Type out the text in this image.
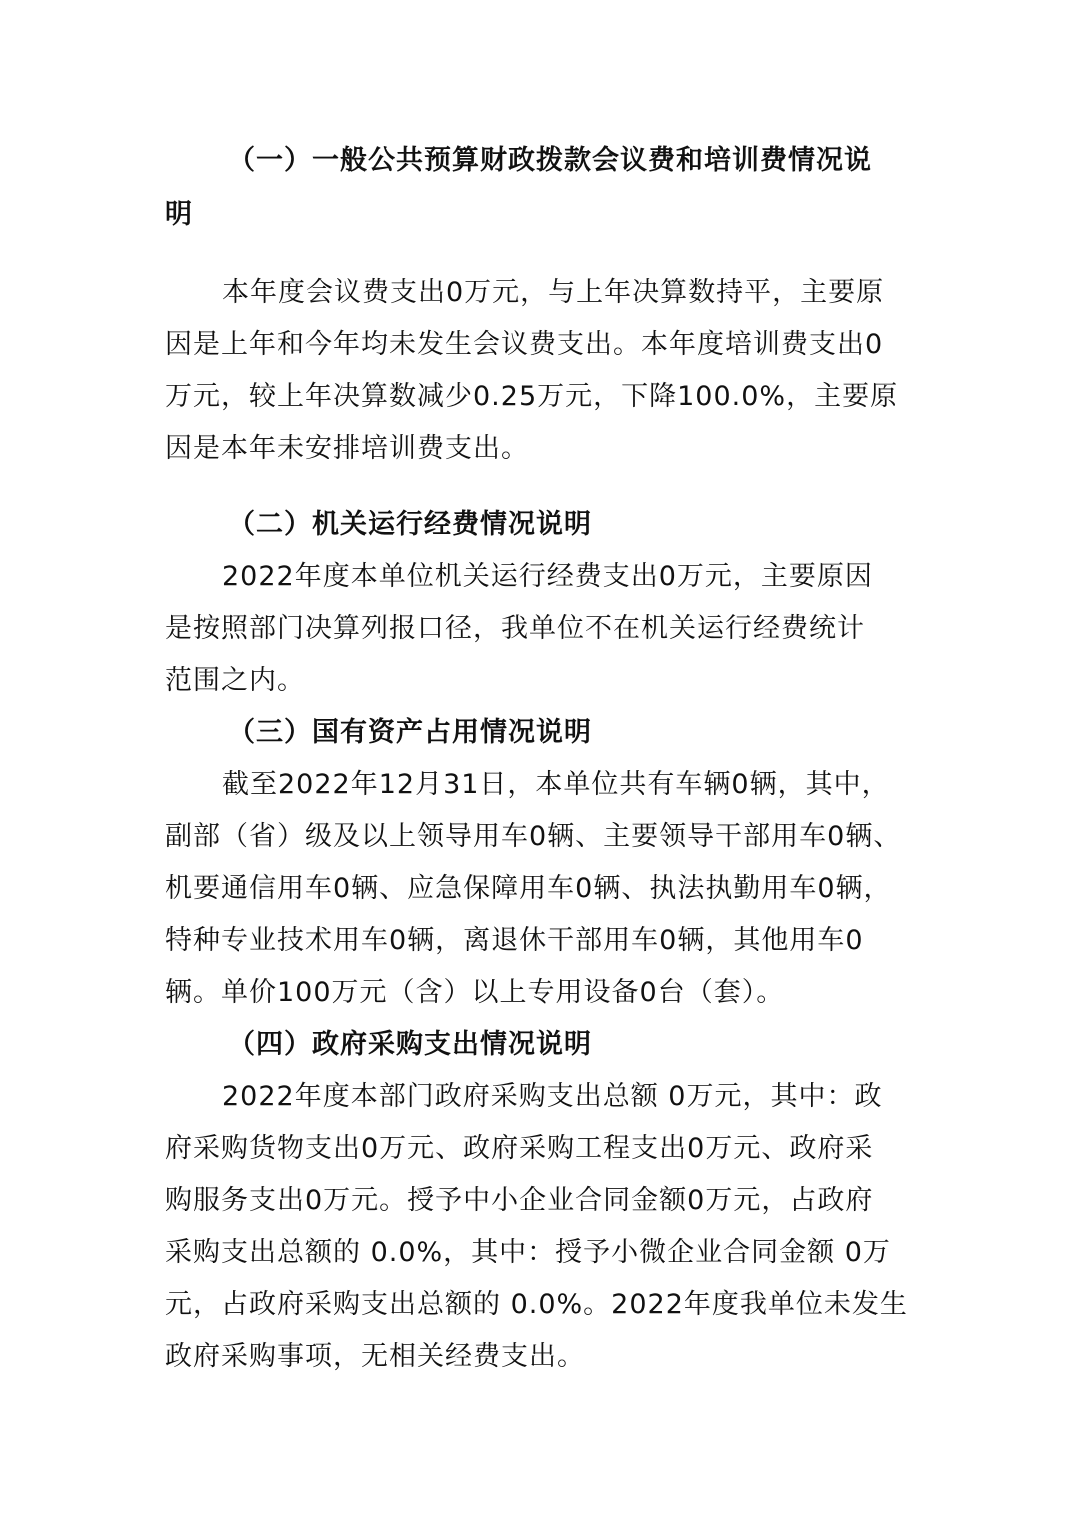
（一）一般公共预算财政拨款会议费和培训费情况说
明
本年度会议费支出0万元，与上年决算数持平，主要原
因是上年和今年均未发生会议费支出。本年度培训费支出0
万元，较上年决算数减少0.25万元，下降100.0%，主要原
因是本年未安排培训费支出。
（二）机关运行经费情况说明
2022年度本单位机关运行经费支出0万元，主要原因
是按照部门决算列报口径，我单位不在机关运行经费统计
范围之内。
（三）国有资产占用情况说明
截至2022年12月31日，本单位共有车辆0辆，其中，
副部（省）级及以上领导用车0辆、主要领导干部用车0辆、
机要通信用车0辆、应急保障用车0辆、执法执勤用车0辆，
特种专业技术用车0辆，离退休干部用车0辆，其他用车0
辆。单价100万元（含）以上专用设备0台（套）。
（四）政府采购支出情况说明
2022年度本部门政府采购支出总额 0万元，其中：政
府采购货物支出0万元、政府采购工程支出0万元、政府采
购服务支出0万元。授予中小企业合同金额0万元，占政府
采购支出总额的 0.0%，其中：授予小微企业合同金额 0万
元，占政府采购支出总额的 0.0%。2022年度我单位未发生
政府采购事项，无相关经费支出。
